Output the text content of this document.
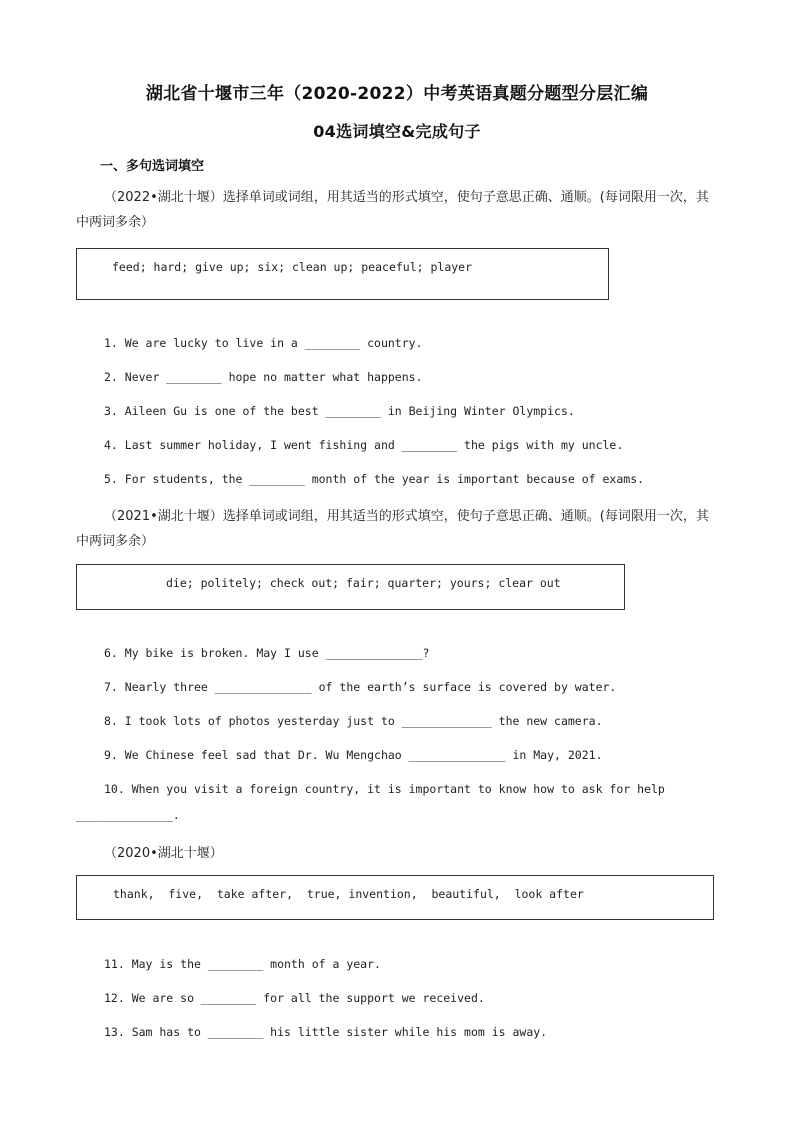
湖北省十堰市三年（2020-2022）中考英语真题分题型分层汇编
04选词填空&完成句子
一、多句选词填空
（2022•湖北十堰）选择单词或词组，用其适当的形式填空，使句子意思正确、通顺。(每词限用一次，其中两词多余）
feed; hard; give up; six; clean up; peaceful; player
1. We are lucky to live in a ________ country.
2. Never ________ hope no matter what happens.
3. Aileen Gu is one of the best ________ in Beijing Winter Olympics.
4. Last summer holiday, I went fishing and ________ the pigs with my uncle.
5. For students, the ________ month of the year is important because of exams.
（2021•湖北十堰）选择单词或词组，用其适当的形式填空，使句子意思正确、通顺。(每词限用一次，其中两词多余）
die; politely; check out; fair; quarter; yours; clear out
6. My bike is broken. May I use ______________?
7. Nearly three ______________ of the earth’s surface is covered by water.
8. I took lots of photos yesterday just to _____________ the new camera.
9. We Chinese feel sad that Dr. Wu Mengchao ______________ in May, 2021.
10. When you visit a foreign country, it is important to know how to ask for help
______________.
（2020•湖北十堰）
thank,  five,  take after,  true, invention,  beautiful,  look after
11. May is the ________ month of a year.
12. We are so ________ for all the support we received.
13. Sam has to ________ his little sister while his mom is away.
